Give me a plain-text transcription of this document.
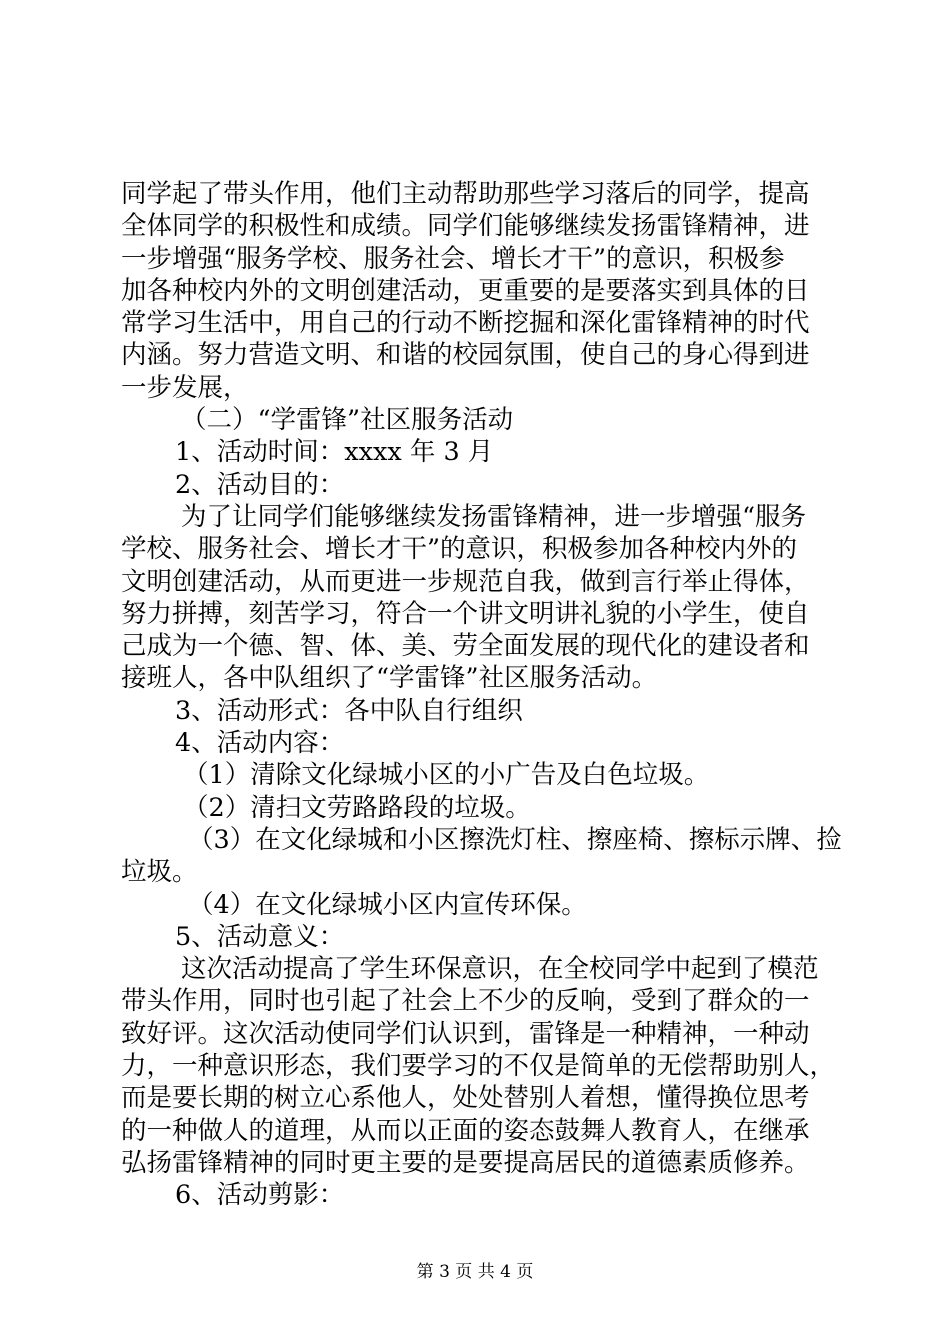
同学起了带头作用，他们主动帮助那些学习落后的同学，提高
全体同学的积极性和成绩。同学们能够继续发扬雷锋精神，进
一步增强“服务学校、服务社会、增长才干”的意识，积极参
加各种校内外的文明创建活动，更重要的是要落实到具体的日
常学习生活中，用自己的行动不断挖掘和深化雷锋精神的时代
内涵。努力营造文明、和谐的校园氛围，使自己的身心得到进
一步发展，
（二）“学雷锋”社区服务活动
1、活动时间：xxxx 年 3 月
2、活动目的：
为了让同学们能够继续发扬雷锋精神，进一步增强“服务
学校、服务社会、增长才干”的意识，积极参加各种校内外的
文明创建活动，从而更进一步规范自我，做到言行举止得体，
努力拼搏，刻苦学习，符合一个讲文明讲礼貌的小学生，使自
己成为一个德、智、体、美、劳全面发展的现代化的建设者和
接班人，各中队组织了“学雷锋”社区服务活动。
3、活动形式：各中队自行组织
4、活动内容：
（1）清除文化绿城小区的小广告及白色垃圾。
（2）清扫文劳路路段的垃圾。
（3）在文化绿城和小区擦洗灯柱、擦座椅、擦标示牌、捡
垃圾。
（4）在文化绿城小区内宣传环保。
5、活动意义：
这次活动提高了学生环保意识，在全校同学中起到了模范
带头作用，同时也引起了社会上不少的反响，受到了群众的一
致好评。这次活动使同学们认识到，雷锋是一种精神，一种动
力，一种意识形态，我们要学习的不仅是简单的无偿帮助别人，
而是要长期的树立心系他人，处处替别人着想，懂得换位思考
的一种做人的道理，从而以正面的姿态鼓舞人教育人，在继承
弘扬雷锋精神的同时更主要的是要提高居民的道德素质修养。
6、活动剪影：
第 3 页 共 4 页
